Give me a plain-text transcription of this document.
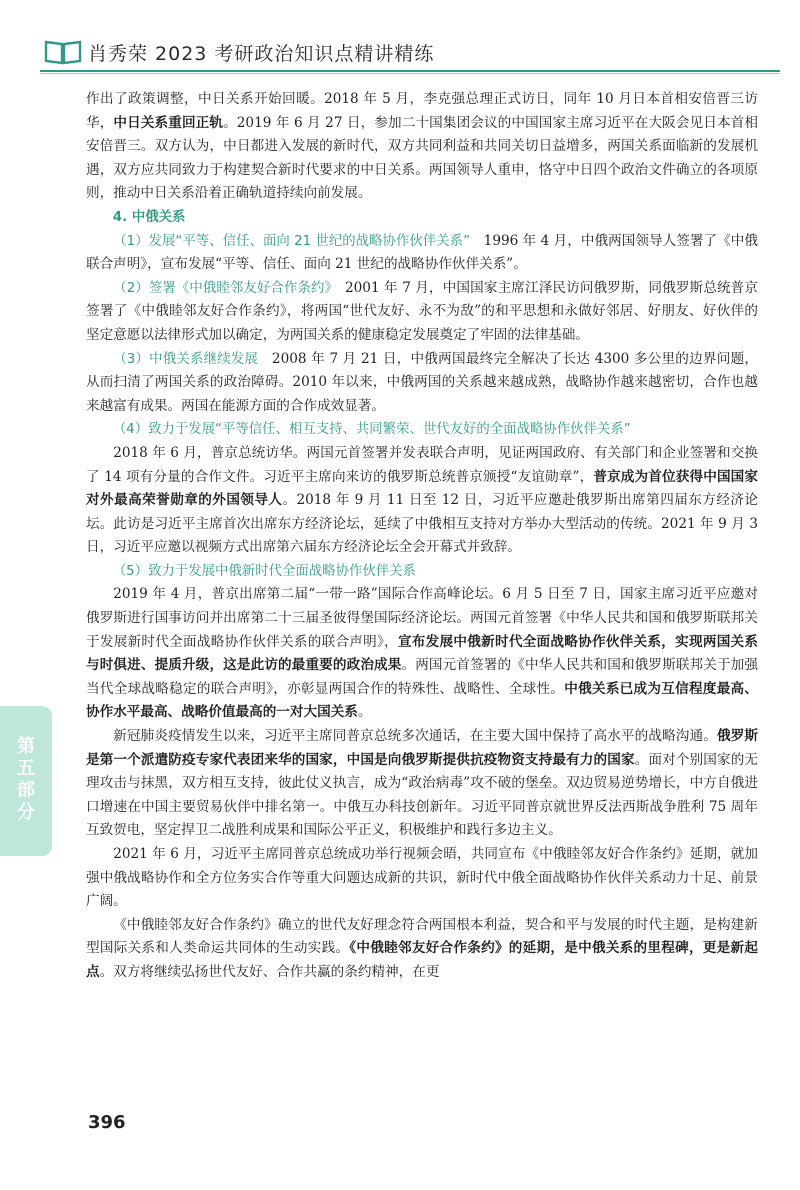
肖秀荣 2023 考研政治知识点精讲精练

作出了政策调整，中日关系开始回暖。2018 年 5 月，李克强总理正式访日，同年 10 月日本首相安倍晋三访华，中日关系重回正轨。2019 年 6 月 27 日，参加二十国集团会议的中国国家主席习近平在大阪会见日本首相安倍晋三。双方认为，中日都进入发展的新时代，双方共同利益和共同关切日益增多，两国关系面临新的发展机遇，双方应共同致力于构建契合新时代要求的中日关系。两国领导人重申，恪守中日四个政治文件确立的各项原则，推动中日关系沿着正确轨道持续向前发展。

4. 中俄关系

（1）发展“平等、信任、面向 21 世纪的战略协作伙伴关系”　1996 年 4 月，中俄两国领导人签署了《中俄联合声明》，宣布发展“平等、信任、面向 21 世纪的战略协作伙伴关系”。

（2）签署《中俄睦邻友好合作条约》　2001 年 7 月，中国国家主席江泽民访问俄罗斯，同俄罗斯总统普京签署了《中俄睦邻友好合作条约》，将两国“世代友好、永不为敌”的和平思想和永做好邻居、好朋友、好伙伴的坚定意愿以法律形式加以确定，为两国关系的健康稳定发展奠定了牢固的法律基础。

（3）中俄关系继续发展　2008 年 7 月 21 日，中俄两国最终完全解决了长达 4300 多公里的边界问题，从而扫清了两国关系的政治障碍。2010 年以来，中俄两国的关系越来越成熟，战略协作越来越密切，合作也越来越富有成果。两国在能源方面的合作成效显著。

（4）致力于发展“平等信任、相互支持、共同繁荣、世代友好的全面战略协作伙伴关系”

2018 年 6 月，普京总统访华。两国元首签署并发表联合声明，见证两国政府、有关部门和企业签署和交换了 14 项有分量的合作文件。习近平主席向来访的俄罗斯总统普京颁授“友谊勋章”，普京成为首位获得中国国家对外最高荣誉勋章的外国领导人。2018 年 9 月 11 日至 12 日，习近平应邀赴俄罗斯出席第四届东方经济论坛。此访是习近平主席首次出席东方经济论坛，延续了中俄相互支持对方举办大型活动的传统。2021 年 9 月 3 日，习近平应邀以视频方式出席第六届东方经济论坛全会开幕式并致辞。

（5）致力于发展中俄新时代全面战略协作伙伴关系

2019 年 4 月，普京出席第二届“一带一路”国际合作高峰论坛。6 月 5 日至 7 日，国家主席习近平应邀对俄罗斯进行国事访问并出席第二十三届圣彼得堡国际经济论坛。两国元首签署《中华人民共和国和俄罗斯联邦关于发展新时代全面战略协作伙伴关系的联合声明》，宣布发展中俄新时代全面战略协作伙伴关系，实现两国关系与时俱进、提质升级，这是此访的最重要的政治成果。两国元首签署的《中华人民共和国和俄罗斯联邦关于加强当代全球战略稳定的联合声明》，亦彰显两国合作的特殊性、战略性、全球性。中俄关系已成为互信程度最高、协作水平最高、战略价值最高的一对大国关系。

新冠肺炎疫情发生以来，习近平主席同普京总统多次通话，在主要大国中保持了高水平的战略沟通。俄罗斯是第一个派遣防疫专家代表团来华的国家，中国是向俄罗斯提供抗疫物资支持最有力的国家。面对个别国家的无理攻击与抹黑，双方相互支持，彼此仗义执言，成为“政治病毒”攻不破的堡垒。双边贸易逆势增长，中方自俄进口增速在中国主要贸易伙伴中排名第一。中俄互办科技创新年。习近平同普京就世界反法西斯战争胜利 75 周年互致贺电，坚定捍卫二战胜利成果和国际公平正义，积极维护和践行多边主义。

2021 年 6 月，习近平主席同普京总统成功举行视频会晤，共同宣布《中俄睦邻友好合作条约》延期，就加强中俄战略协作和全方位务实合作等重大问题达成新的共识，新时代中俄全面战略协作伙伴关系动力十足、前景广阔。

《中俄睦邻友好合作条约》确立的世代友好理念符合两国根本利益，契合和平与发展的时代主题，是构建新型国际关系和人类命运共同体的生动实践。《中俄睦邻友好合作条约》的延期，是中俄关系的里程碑，更是新起点。双方将继续弘扬世代友好、合作共赢的条约精神，在更

第五部分
396
